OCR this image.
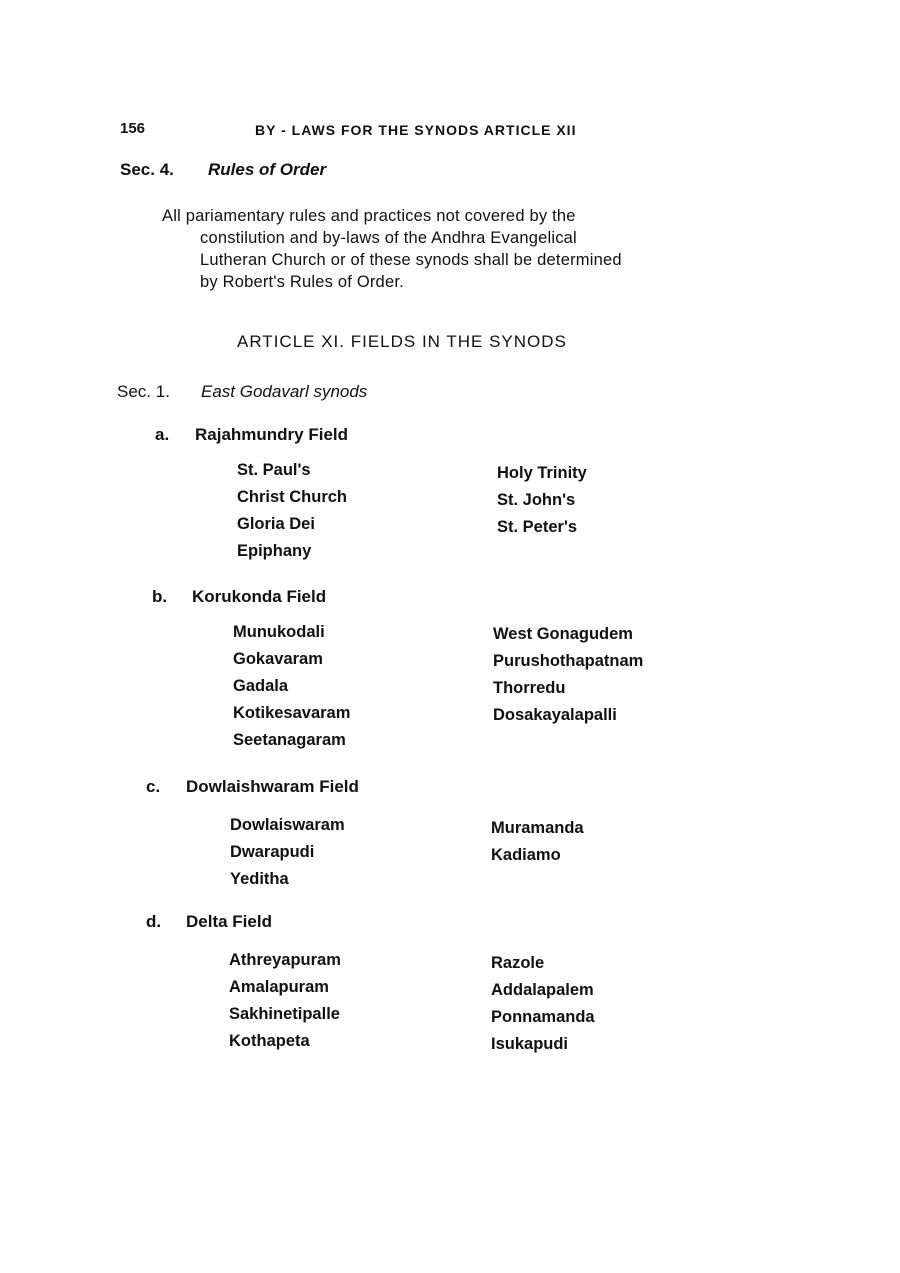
156	BY - LAWS FOR THE SYNODS ARTICLE XII
Sec. 4. Rules of Order
All pariamentary rules and practices not covered by the
constilution and by-laws of the Andhra Evangelical
Lutheran Church or of these synods shall be determined
by Robert's Rules of Order.
ARTICLE XI. FIELDS IN THE SYNODS
Sec. 1. East Godavarl synods
a. Rajahmundry Field
St. Paul's
Christ Church
Gloria Dei
Epiphany
Holy Trinity
St. John's
St. Peter's
b. Korukonda Field
Munukodali
Gokavaram
Gadala
Kotikesavaram
Seetanagaram
West Gonagudem
Purushothapatnam
Thorredu
Dosakayalapalli
c. Dowlaishwaram Field
Dowlaiswaram
Dwarapudi
Yeditha
Muramanda
Kadiamo
d. Delta Field
Athreyapuram
Amalapuram
Sakhinetipalle
Kothapeta
Razole
Addalapalem
Ponnamanda
Isukapudi
